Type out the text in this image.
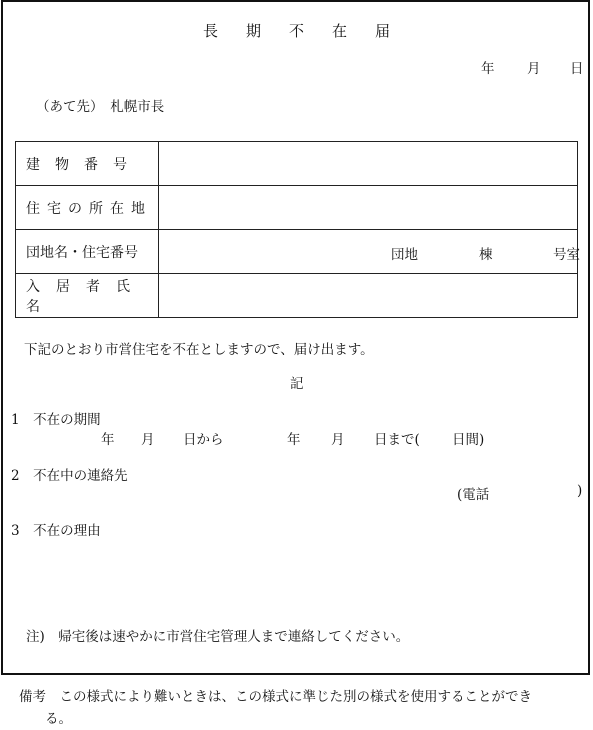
長期不在届
年 月 日
（あて先）　札幌市長
建物番号	
住宅の所在地	
団地名・住宅番号	団地 棟 号室

入居者氏名	
下記のとおり市営住宅を不在としますので、届け出ます。
記
1　不在の期間
年 月 日から	年 月 日まで( 日間)
2　不在中の連絡先
(電話	)
3　不在の理由
注)　帰宅後は速やかに市営住宅管理人まで連絡してください。
備考　この様式により難いときは、この様式に準じた別の様式を使用することができ
る。
